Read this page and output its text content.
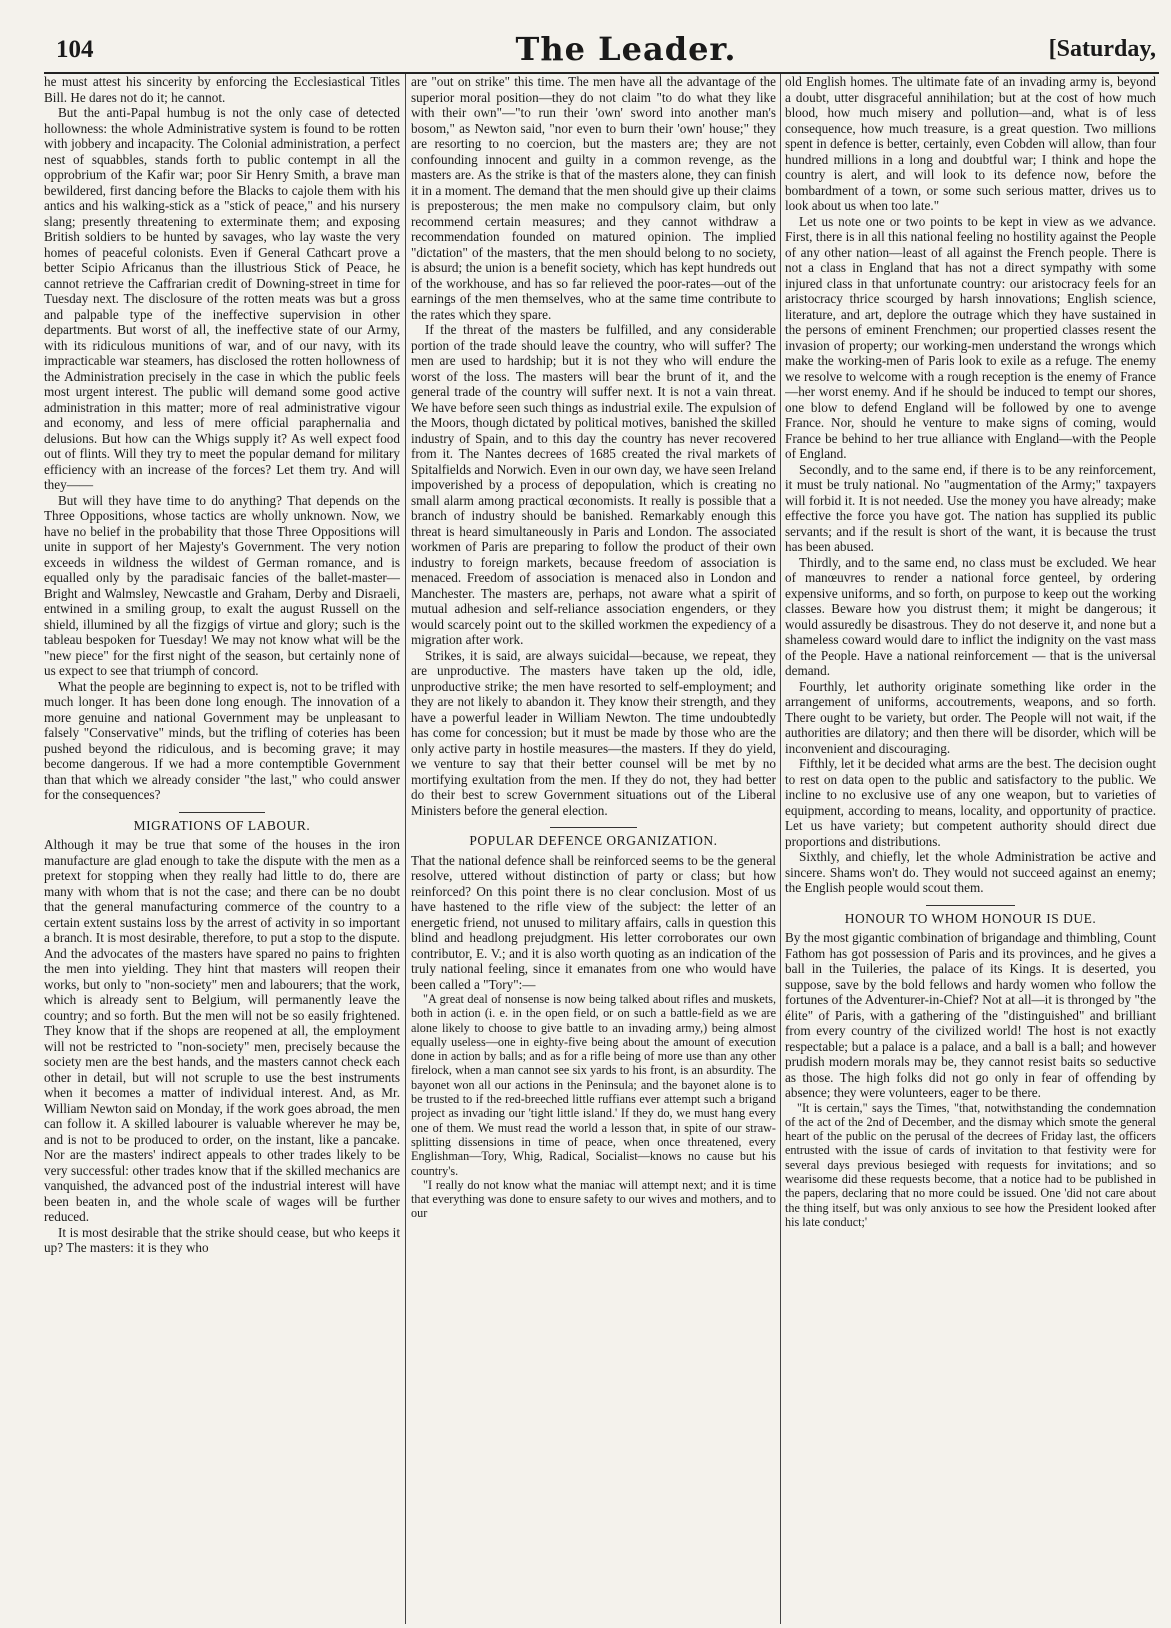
104	The Leader.	[Saturday,

he must attest his sincerity by enforcing the Ecclesiastical Titles Bill. He dares not do it; he cannot.

But the anti-Papal humbug is not the only case of detected hollowness: the whole Administrative system is found to be rotten with jobbery and incapacity. The Colonial administration, a perfect nest of squabbles, stands forth to public contempt in all the opprobrium of the Kafir war; poor Sir Henry Smith, a brave man bewildered, first dancing before the Blacks to cajole them with his antics and his walking-stick as a "stick of peace," and his nursery slang; presently threatening to exterminate them; and exposing British soldiers to be hunted by savages, who lay waste the very homes of peaceful colonists. Even if General Cathcart prove a better Scipio Africanus than the illustrious Stick of Peace, he cannot retrieve the Caffrarian credit of Downing-street in time for Tuesday next. The disclosure of the rotten meats was but a gross and palpable type of the ineffective supervision in other departments. But worst of all, the ineffective state of our Army, with its ridiculous munitions of war, and of our navy, with its impracticable war steamers, has disclosed the rotten hollowness of the Administration precisely in the case in which the public feels most urgent interest. The public will demand some good active administration in this matter; more of real administrative vigour and economy, and less of mere official paraphernalia and delusions. But how can the Whigs supply it? As well expect food out of flints. Will they try to meet the popular demand for military efficiency with an increase of the forces? Let them try. And will they——

But will they have time to do anything? That depends on the Three Oppositions, whose tactics are wholly unknown. Now, we have no belief in the probability that those Three Oppositions will unite in support of her Majesty's Government. The very notion exceeds in wildness the wildest of German romance, and is equalled only by the paradisaic fancies of the ballet-master—Bright and Walmsley, Newcastle and Graham, Derby and Disraeli, entwined in a smiling group, to exalt the august Russell on the shield, illumined by all the fizgigs of virtue and glory; such is the tableau bespoken for Tuesday! We may not know what will be the "new piece" for the first night of the season, but certainly none of us expect to see that triumph of concord.

What the people are beginning to expect is, not to be trifled with much longer. It has been done long enough. The innovation of a more genuine and national Government may be unpleasant to falsely "Conservative" minds, but the trifling of coteries has been pushed beyond the ridiculous, and is becoming grave; it may become dangerous. If we had a more contemptible Government than that which we already consider "the last," who could answer for the consequences?

MIGRATIONS OF LABOUR.

Although it may be true that some of the houses in the iron manufacture are glad enough to take the dispute with the men as a pretext for stopping when they really had little to do, there are many with whom that is not the case; and there can be no doubt that the general manufacturing commerce of the country to a certain extent sustains loss by the arrest of activity in so important a branch. It is most desirable, therefore, to put a stop to the dispute. And the advocates of the masters have spared no pains to frighten the men into yielding. They hint that masters will reopen their works, but only to "non-society" men and labourers; that the work, which is already sent to Belgium, will permanently leave the country; and so forth. But the men will not be so easily frightened. They know that if the shops are reopened at all, the employment will not be restricted to "non-society" men, precisely because the society men are the best hands, and the masters cannot check each other in detail, but will not scruple to use the best instruments when it becomes a matter of individual interest. And, as Mr. William Newton said on Monday, if the work goes abroad, the men can follow it. A skilled labourer is valuable wherever he may be, and is not to be produced to order, on the instant, like a pancake. Nor are the masters' indirect appeals to other trades likely to be very successful: other trades know that if the skilled mechanics are vanquished, the advanced post of the industrial interest will have been beaten in, and the whole scale of wages will be further reduced.

It is most desirable that the strike should cease, but who keeps it up? The masters: it is they who

are "out on strike" this time. The men have all the advantage of the superior moral position—they do not claim "to do what they like with their own"—"to run their 'own' sword into another man's bosom," as Newton said, "nor even to burn their 'own' house;" they are resorting to no coercion, but the masters are; they are not confounding innocent and guilty in a common revenge, as the masters are. As the strike is that of the masters alone, they can finish it in a moment. The demand that the men should give up their claims is preposterous; the men make no compulsory claim, but only recommend certain measures; and they cannot withdraw a recommendation founded on matured opinion. The implied "dictation" of the masters, that the men should belong to no society, is absurd; the union is a benefit society, which has kept hundreds out of the workhouse, and has so far relieved the poor-rates—out of the earnings of the men themselves, who at the same time contribute to the rates which they spare.

If the threat of the masters be fulfilled, and any considerable portion of the trade should leave the country, who will suffer? The men are used to hardship; but it is not they who will endure the worst of the loss. The masters will bear the brunt of it, and the general trade of the country will suffer next. It is not a vain threat. We have before seen such things as industrial exile. The expulsion of the Moors, though dictated by political motives, banished the skilled industry of Spain, and to this day the country has never recovered from it. The Nantes decrees of 1685 created the rival markets of Spitalfields and Norwich. Even in our own day, we have seen Ireland impoverished by a process of depopulation, which is creating no small alarm among practical œconomists. It really is possible that a branch of industry should be banished. Remarkably enough this threat is heard simultaneously in Paris and London. The associated workmen of Paris are preparing to follow the product of their own industry to foreign markets, because freedom of association is menaced. Freedom of association is menaced also in London and Manchester. The masters are, perhaps, not aware what a spirit of mutual adhesion and self-reliance association engenders, or they would scarcely point out to the skilled workmen the expediency of a migration after work.

Strikes, it is said, are always suicidal—because, we repeat, they are unproductive. The masters have taken up the old, idle, unproductive strike; the men have resorted to self-employment; and they are not likely to abandon it. They know their strength, and they have a powerful leader in William Newton. The time undoubtedly has come for concession; but it must be made by those who are the only active party in hostile measures—the masters. If they do yield, we venture to say that their better counsel will be met by no mortifying exultation from the men. If they do not, they had better do their best to screw Government situations out of the Liberal Ministers before the general election.

POPULAR DEFENCE ORGANIZATION.

That the national defence shall be reinforced seems to be the general resolve, uttered without distinction of party or class; but how reinforced? On this point there is no clear conclusion. Most of us have hastened to the rifle view of the subject: the letter of an energetic friend, not unused to military affairs, calls in question this blind and headlong prejudgment. His letter corroborates our own contributor, E. V.; and it is also worth quoting as an indication of the truly national feeling, since it emanates from one who would have been called a "Tory":—

"A great deal of nonsense is now being talked about rifles and muskets, both in action (i. e. in the open field, or on such a battle-field as we are alone likely to choose to give battle to an invading army,) being almost equally useless—one in eighty-five being about the amount of execution done in action by balls; and as for a rifle being of more use than any other firelock, when a man cannot see six yards to his front, is an absurdity. The bayonet won all our actions in the Peninsula; and the bayonet alone is to be trusted to if the red-breeched little ruffians ever attempt such a brigand project as invading our 'tight little island.' If they do, we must hang every one of them. We must read the world a lesson that, in spite of our straw-splitting dissensions in time of peace, when once threatened, every Englishman—Tory, Whig, Radical, Socialist—knows no cause but his country's.

"I really do not know what the maniac will attempt next; and it is time that everything was done to ensure safety to our wives and mothers, and to our

old English homes. The ultimate fate of an invading army is, beyond a doubt, utter disgraceful annihilation; but at the cost of how much blood, how much misery and pollution—and, what is of less consequence, how much treasure, is a great question. Two millions spent in defence is better, certainly, even Cobden will allow, than four hundred millions in a long and doubtful war; I think and hope the country is alert, and will look to its defence now, before the bombardment of a town, or some such serious matter, drives us to look about us when too late."

Let us note one or two points to be kept in view as we advance. First, there is in all this national feeling no hostility against the People of any other nation—least of all against the French people. There is not a class in England that has not a direct sympathy with some injured class in that unfortunate country: our aristocracy feels for an aristocracy thrice scourged by harsh innovations; English science, literature, and art, deplore the outrage which they have sustained in the persons of eminent Frenchmen; our propertied classes resent the invasion of property; our working-men understand the wrongs which make the working-men of Paris look to exile as a refuge. The enemy we resolve to welcome with a rough reception is the enemy of France—her worst enemy. And if he should be induced to tempt our shores, one blow to defend England will be followed by one to avenge France. Nor, should he venture to make signs of coming, would France be behind to her true alliance with England—with the People of England.

Secondly, and to the same end, if there is to be any reinforcement, it must be truly national. No "augmentation of the Army;" taxpayers will forbid it. It is not needed. Use the money you have already; make effective the force you have got. The nation has supplied its public servants; and if the result is short of the want, it is because the trust has been abused.

Thirdly, and to the same end, no class must be excluded. We hear of manœuvres to render a national force genteel, by ordering expensive uniforms, and so forth, on purpose to keep out the working classes. Beware how you distrust them; it might be dangerous; it would assuredly be disastrous. They do not deserve it, and none but a shameless coward would dare to inflict the indignity on the vast mass of the People. Have a national reinforcement — that is the universal demand.

Fourthly, let authority originate something like order in the arrangement of uniforms, accoutrements, weapons, and so forth. There ought to be variety, but order. The People will not wait, if the authorities are dilatory; and then there will be disorder, which will be inconvenient and discouraging.

Fifthly, let it be decided what arms are the best. The decision ought to rest on data open to the public and satisfactory to the public. We incline to no exclusive use of any one weapon, but to varieties of equipment, according to means, locality, and opportunity of practice. Let us have variety; but competent authority should direct due proportions and distributions.

Sixthly, and chiefly, let the whole Administration be active and sincere. Shams won't do. They would not succeed against an enemy; the English people would scout them.

HONOUR TO WHOM HONOUR IS DUE.

By the most gigantic combination of brigandage and thimbling, Count Fathom has got possession of Paris and its provinces, and he gives a ball in the Tuileries, the palace of its Kings. It is deserted, you suppose, save by the bold fellows and hardy women who follow the fortunes of the Adventurer-in-Chief? Not at all—it is thronged by "the élite" of Paris, with a gathering of the "distinguished" and brilliant from every country of the civilized world! The host is not exactly respectable; but a palace is a palace, and a ball is a ball; and however prudish modern morals may be, they cannot resist baits so seductive as those. The high folks did not go only in fear of offending by absence; they were volunteers, eager to be there.

"It is certain," says the Times, "that, notwithstanding the condemnation of the act of the 2nd of December, and the dismay which smote the general heart of the public on the perusal of the decrees of Friday last, the officers entrusted with the issue of cards of invitation to that festivity were for several days previous besieged with requests for invitations; and so wearisome did these requests become, that a notice had to be published in the papers, declaring that no more could be issued. One 'did not care about the thing itself, but was only anxious to see how the President looked after his late conduct;'
